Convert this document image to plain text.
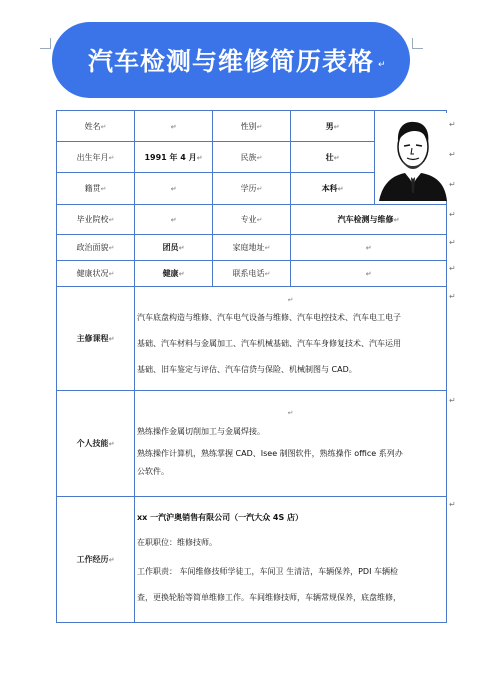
汽车检测与维修简历表格 ↵
姓名↵	↵	性别↵	男↵	
出生年月↵	1991 年 4 月↵	民族↵	壮↵	
籍贯↵	↵	学历↵	本科↵	
毕业院校↵	↵	专业↵	汽车检测与维修↵	
政治面貌↵	团员↵	家庭地址↵	↵	
健康状况↵	健康↵	联系电话↵	↵	
主修课程↵	↵
汽车底盘构造与维修、汽车电气设备与维修、汽车电控技术、汽车电工电子
基础、汽车材料与金属加工、汽车机械基础、汽车车身修复技术、汽车运用
基础、旧车鉴定与评估、汽车信贷与保险、机械制图与 CAD。			

个人技能↵	↵
熟练操作金属切削加工与金属焊接。
熟练操作计算机，熟练掌握 CAD、Isee 制图软件，熟练操作 office 系列办
公软件。			

工作经历↵	xx 一汽沪奥销售有限公司（一汽大众 4S 店）
在职职位：维修技师。
工作职责： 车间维修技师学徒工，车间卫 生清洁，车辆保养，PDI 车辆检
查，更换轮胎等简单维修工作。车间维修技师，车辆常规保养，底盘维修，			
↵
↵
↵
↵
↵
↵
↵
↵
↵
